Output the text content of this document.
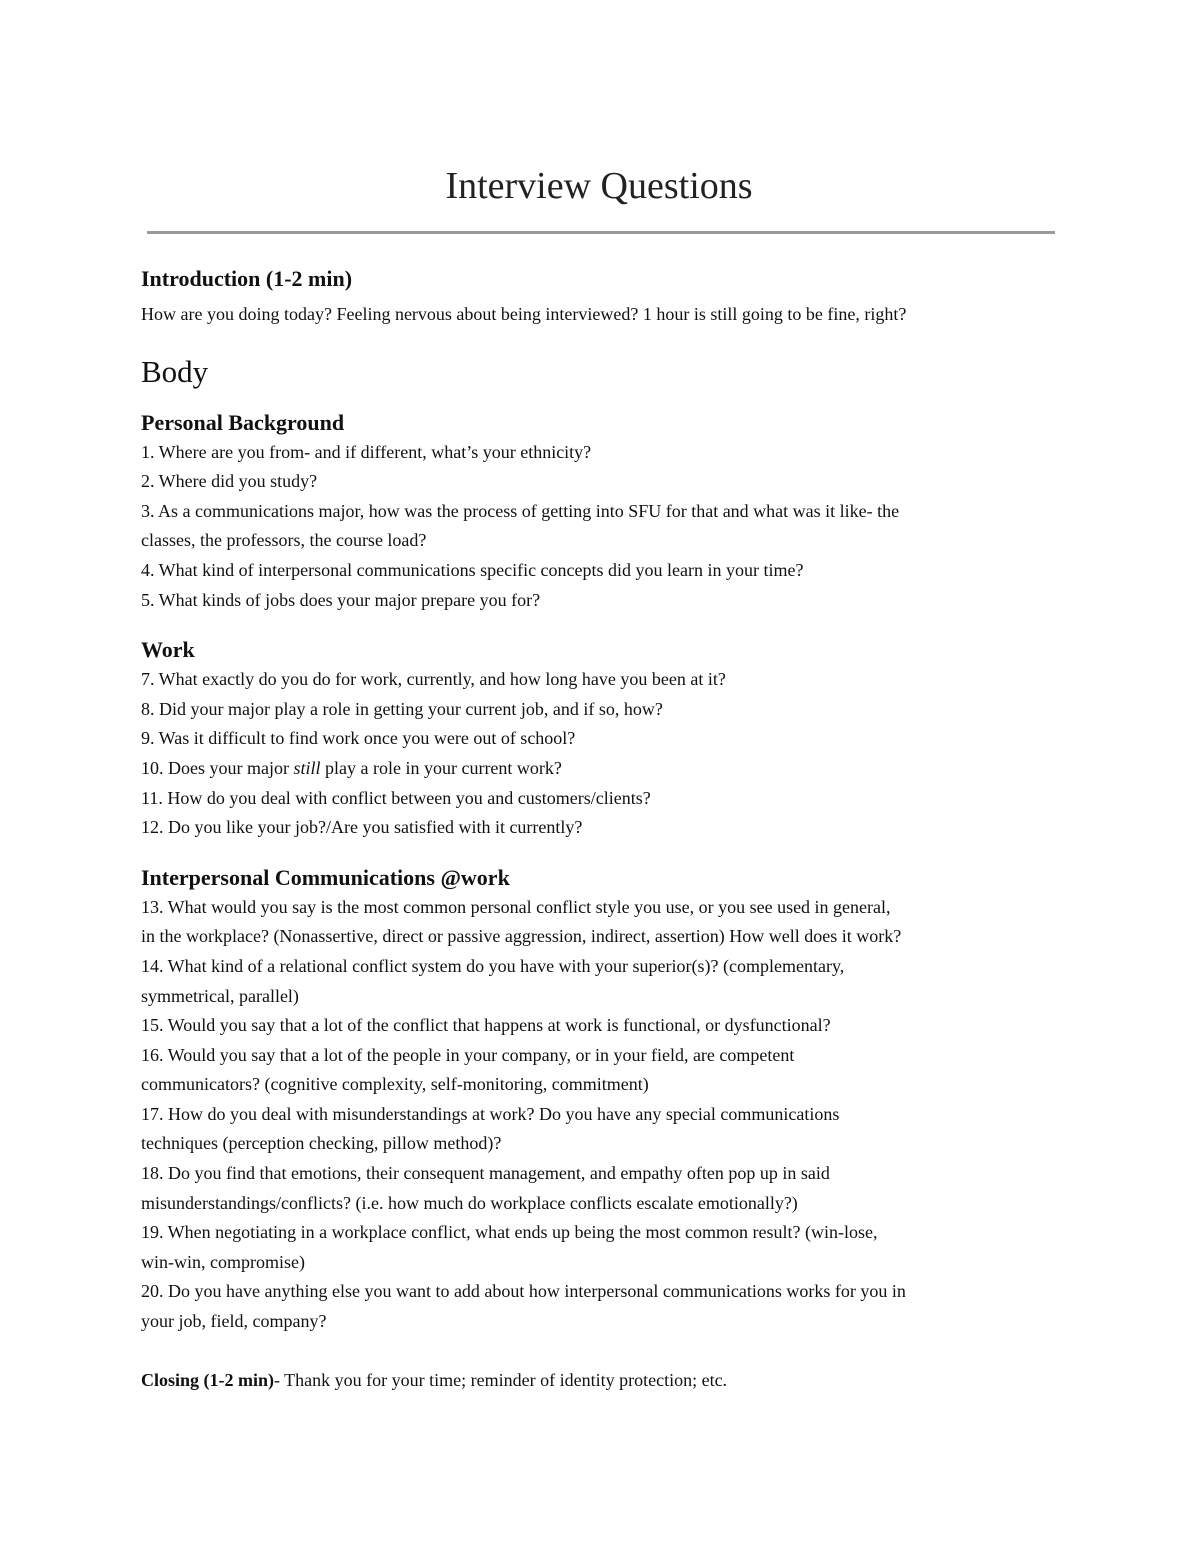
Interview Questions

Introduction (1-2 min)

How are you doing today? Feeling nervous about being interviewed? 1 hour is still going to be fine, right?

Body

Personal Background

1. Where are you from- and if different, what’s your ethnicity?

2. Where did you study?

3. As a communications major, how was the process of getting into SFU for that and what was it like- the

classes, the professors, the course load?

4. What kind of interpersonal communications specific concepts did you learn in your time?

5. What kinds of jobs does your major prepare you for?

Work

7. What exactly do you do for work, currently, and how long have you been at it?

8. Did your major play a role in getting your current job, and if so, how?

9. Was it difficult to find work once you were out of school?

10. Does your major still play a role in your current work?

11. How do you deal with conflict between you and customers/clients?

12. Do you like your job?/Are you satisfied with it currently?

Interpersonal Communications @work

13. What would you say is the most common personal conflict style you use, or you see used in general,

in the workplace? (Nonassertive, direct or passive aggression, indirect, assertion) How well does it work?

14. What kind of a relational conflict system do you have with your superior(s)? (complementary,

symmetrical, parallel)

15. Would you say that a lot of the conflict that happens at work is functional, or dysfunctional?

16. Would you say that a lot of the people in your company, or in your field, are competent

communicators? (cognitive complexity, self-monitoring, commitment)

17. How do you deal with misunderstandings at work? Do you have any special communications

techniques (perception checking, pillow method)?

18. Do you find that emotions, their consequent management, and empathy often pop up in said

misunderstandings/conflicts? (i.e. how much do workplace conflicts escalate emotionally?)

19. When negotiating in a workplace conflict, what ends up being the most common result? (win-lose,

win-win, compromise)

20. Do you have anything else you want to add about how interpersonal communications works for you in

your job, field, company?

Closing (1-2 min)- Thank you for your time; reminder of identity protection; etc.
